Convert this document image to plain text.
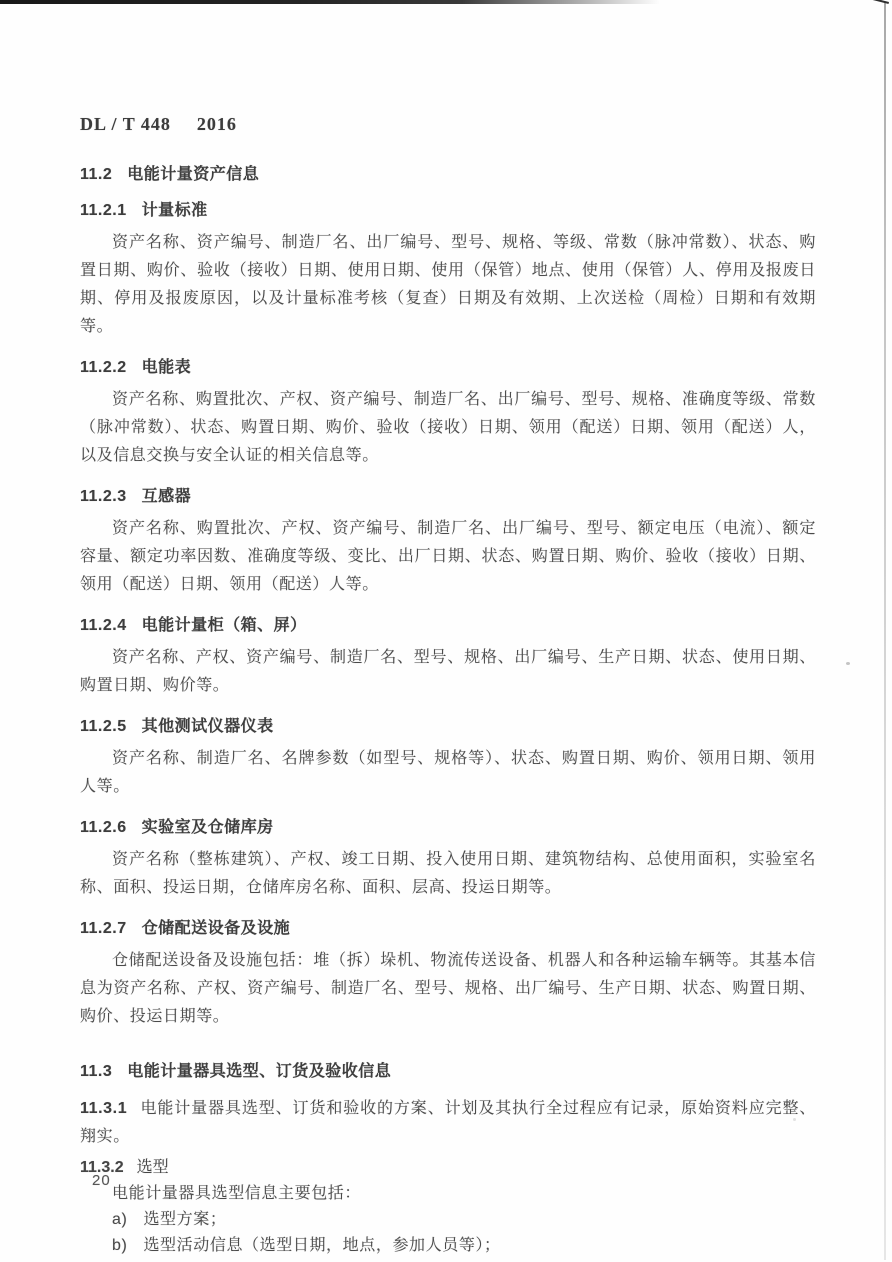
DL / T 448 2016
11.2 电能计量资产信息
11.2.1 计量标准

资产名称、资产编号、制造厂名、出厂编号、型号、规格、等级、常数（脉冲常数）、状态、购置日期、购价、验收（接收）日期、使用日期、使用（保管）地点、使用（保管）人、停用及报废日期、停用及报废原因，以及计量标准考核（复查）日期及有效期、上次送检（周检）日期和有效期等。

11.2.2 电能表

资产名称、购置批次、产权、资产编号、制造厂名、出厂编号、型号、规格、准确度等级、常数（脉冲常数）、状态、购置日期、购价、验收（接收）日期、领用（配送）日期、领用（配送）人，以及信息交换与安全认证的相关信息等。

11.2.3 互感器

资产名称、购置批次、产权、资产编号、制造厂名、出厂编号、型号、额定电压（电流）、额定容量、额定功率因数、准确度等级、变比、出厂日期、状态、购置日期、购价、验收（接收）日期、领用（配送）日期、领用（配送）人等。

11.2.4 电能计量柜（箱、屏）

资产名称、产权、资产编号、制造厂名、型号、规格、出厂编号、生产日期、状态、使用日期、购置日期、购价等。

11.2.5 其他测试仪器仪表

资产名称、制造厂名、名牌参数（如型号、规格等）、状态、购置日期、购价、领用日期、领用人等。

11.2.6 实验室及仓储库房

资产名称（整栋建筑）、产权、竣工日期、投入使用日期、建筑物结构、总使用面积，实验室名称、面积、投运日期，仓储库房名称、面积、层高、投运日期等。

11.2.7 仓储配送设备及设施

仓储配送设备及设施包括：堆（拆）垛机、物流传送设备、机器人和各种运输车辆等。其基本信息为资产名称、产权、资产编号、制造厂名、型号、规格、出厂编号、生产日期、状态、购置日期、购价、投运日期等。

11.3 电能计量器具选型、订货及验收信息

11.3.1 电能计量器具选型、订货和验收的方案、计划及其执行全过程应有记录，原始资料应完整、翔实。

11.3.2 选型

电能计量器具选型信息主要包括：

a) 选型方案；

b) 选型活动信息（选型日期，地点，参加人员等）；

20
